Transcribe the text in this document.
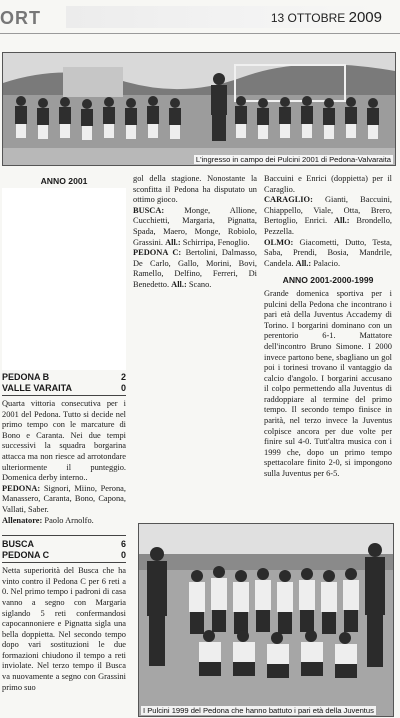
ORT	13 OTTOBRE 2009
L'ingresso in campo dei Pulcini 2001 di Pedona-Valvaraita

ANNO 2001

PEDONA B	2
VALLE VARAITA	0

Quarta vittoria consecutiva per i 2001 del Pedona. Tutto si decide nel primo tempo con le marcature di Bono e Caranta. Nei due tempi successivi la squadra borgarina attacca ma non riesce ad arrotondare ulteriormente il punteggio. Domenica derby interno..

PEDONA: Signori, Miino, Perona, Manassero, Caranta, Bono, Capona, Vallati, Saber.

Allenatore: Paolo Arnolfo.

BUSCA	6
PEDONA C	0

Netta superiorità del Busca che ha vinto contro il Pedona C per 6 reti a 0. Nel primo tempo i padroni di casa vanno a segno con Margaria siglando 5 reti confermandosi capocannoniere e Pignatta sigla una bella doppietta. Nel secondo tempo dopo vari sostituzioni le due formazioni chiudono il tempo a reti inviolate. Nel terzo tempo il Busca va nuovamente a segno con Grassini primo suo

gol della stagione. Nonostante la sconfitta il Pedona ha disputato un ottimo gioco.

BUSCA: Monge, Allione, Cucchietti, Margaria, Pignatta, Spada, Maero, Monge, Robiolo, Grassini. All.: Schirripa, Fenoglio.

PEDONA C: Bertolini, Dalmasso, De Carlo, Gallo, Morini, Bovi, Ramello, Delfino, Ferreri, Di Benedetto. All.: Scano.

Baccuini e Enrici (doppietta) per il Caraglio.

CARAGLIO: Gianti, Baccuini, Chiappello, Viale, Otta, Brero, Bertoglio, Enrici. All.: Brondello, Pezzella.

OLMO: Giacometti, Dutto, Testa, Saba, Prendi, Bosia, Mandrile, Candela. All.: Palacio.

ANNO 2001-2000-1999

Grande domenica sportiva per i pulcini della Pedona che incontrano i pari età della Juventus Accademy di Torino. I borgarini dominano con un perentorio 6-1. Mattatore dell'incontro Bruno Simone. I 2000 invece partono bene, sbagliano un gol poi i torinesi trovano il vantaggio da calcio d'angolo. I borgarini accusano il colpo permettendo alla Juventus di raddoppiare al termine del primo tempo. Il secondo tempo finisce in parità, nel terzo invece la Juventus colpisce ancora per due volte per finire sul 4-0. Tutt'altra musica con i 1999 che, dopo un primo tempo spettacolare finito 2-0, si impongono sulla Juventus per 6-5.

I Pulcini 1999 del Pedona che hanno battuto i pari età della Juventus
